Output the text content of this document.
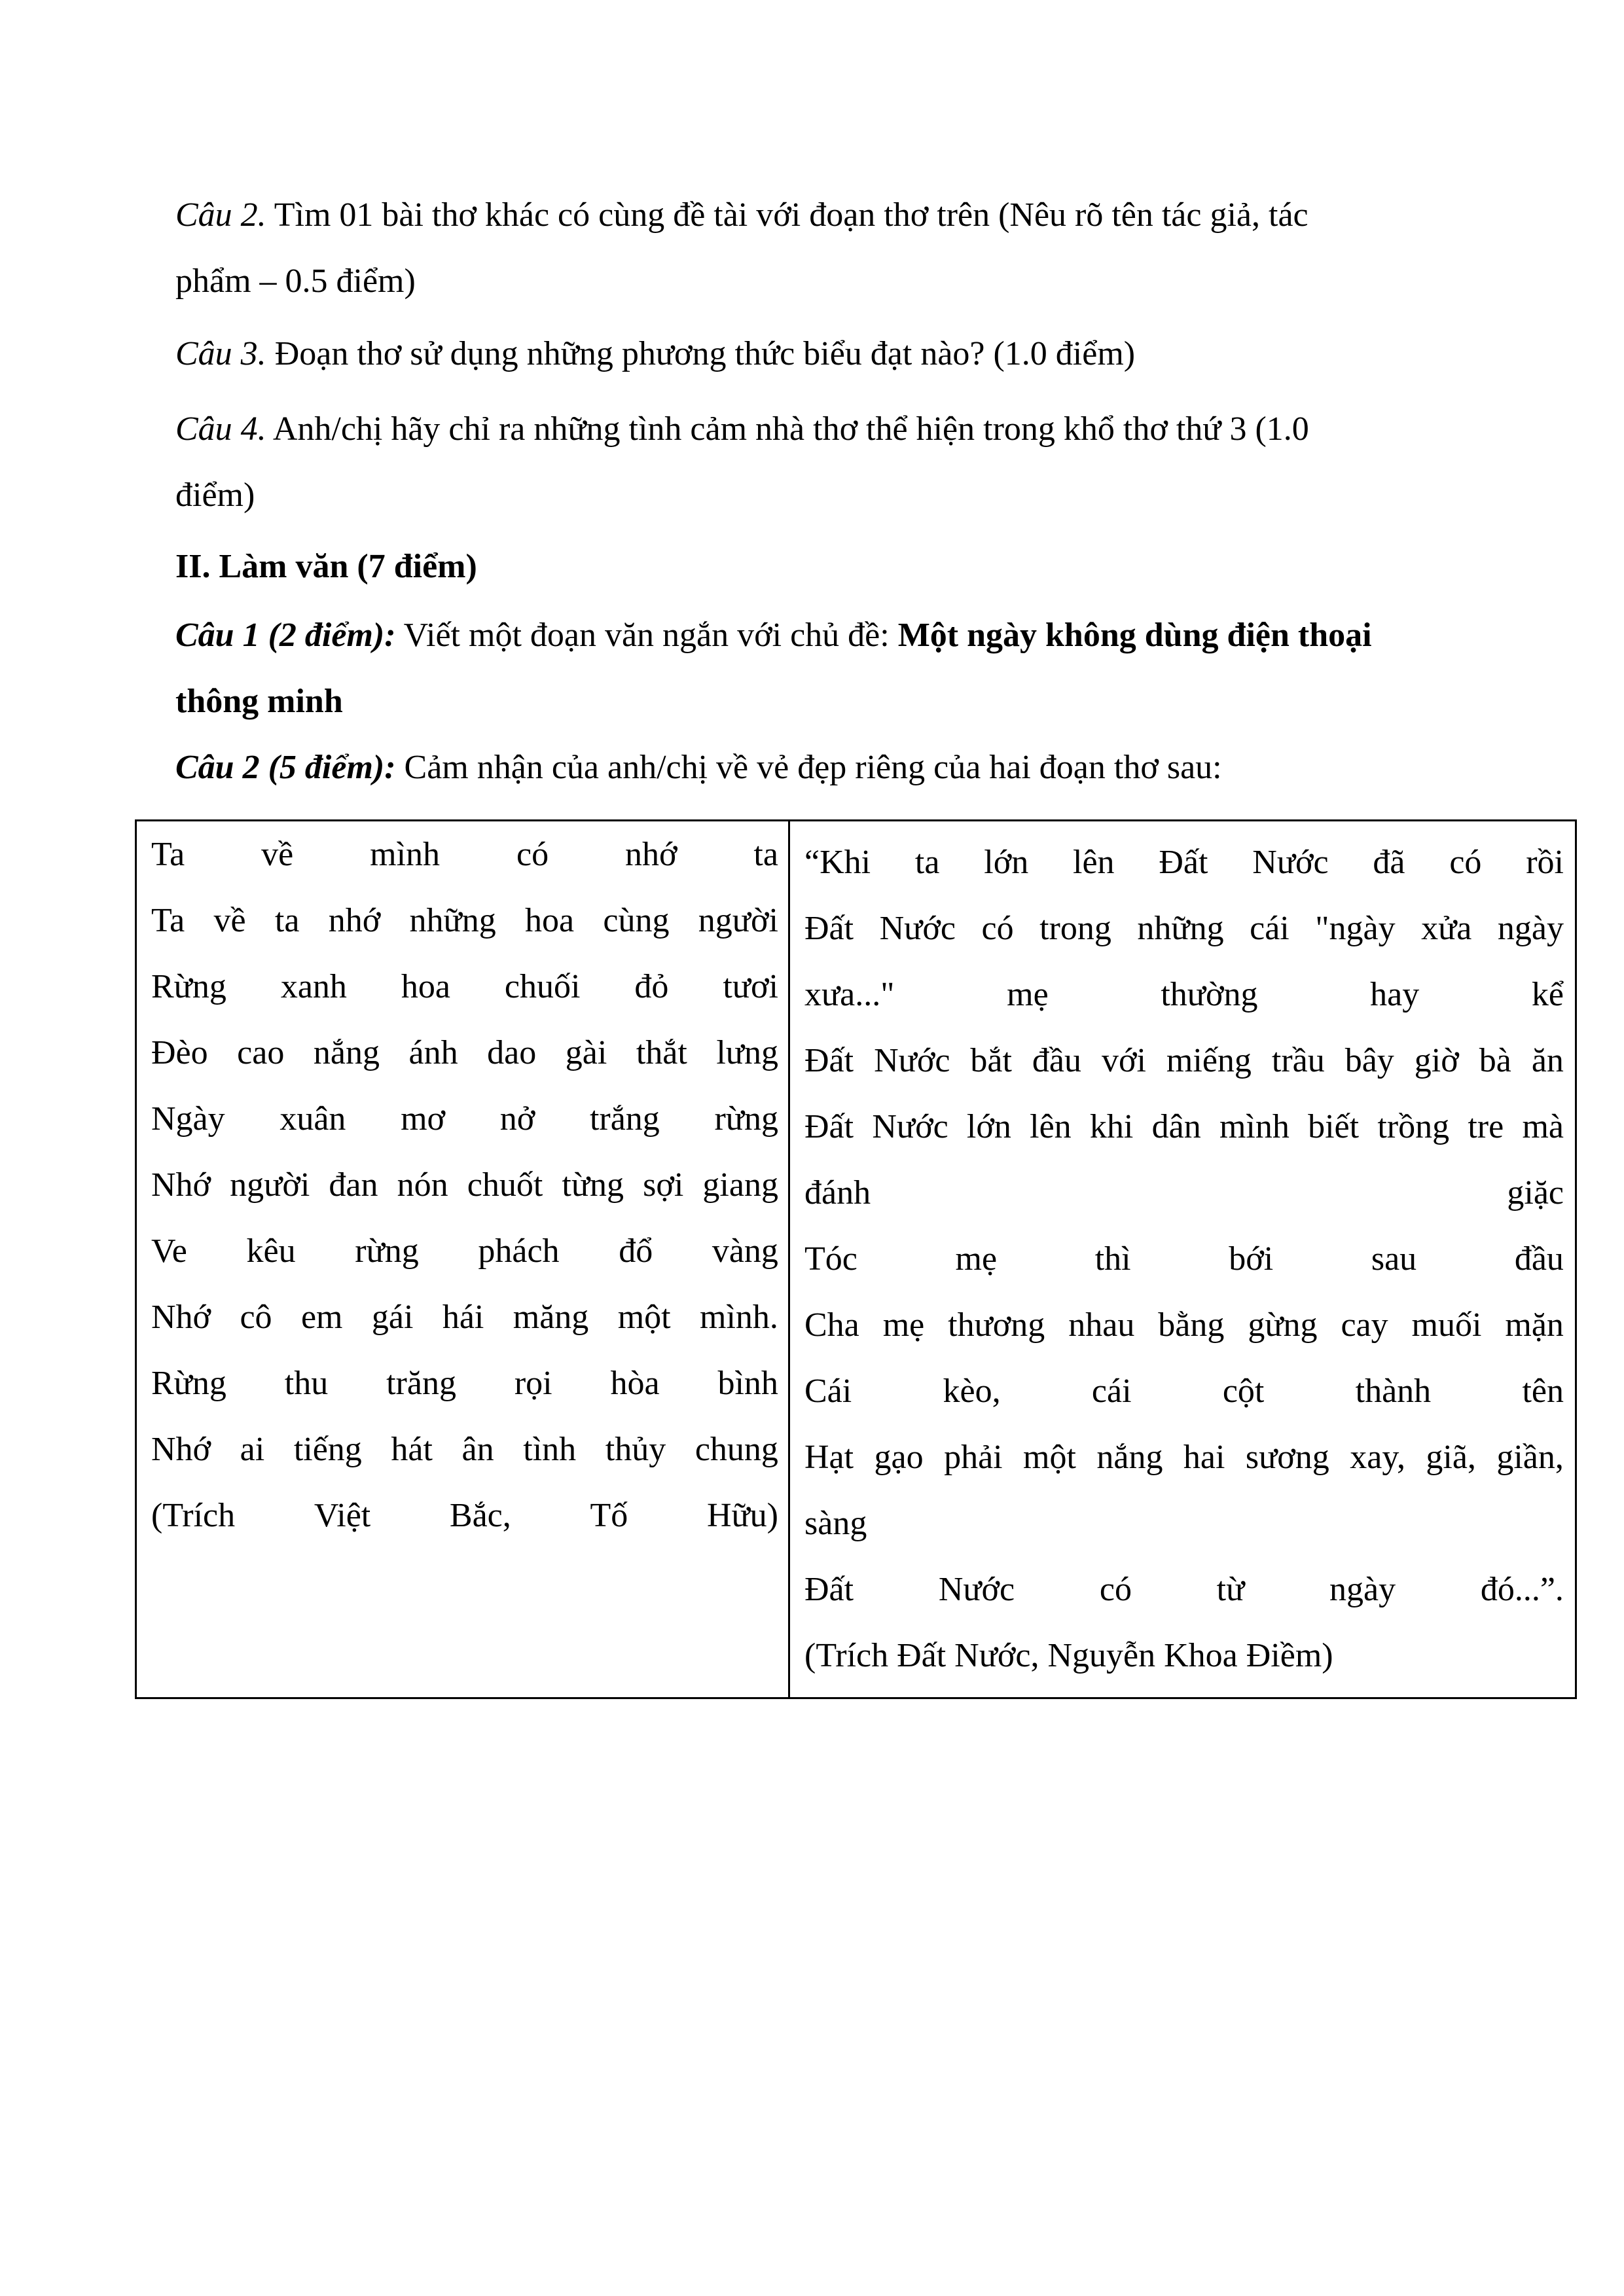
Câu 2. Tìm 01 bài thơ khác có cùng đề tài với đoạn thơ trên (Nêu rõ tên tác giả, tác

phẩm – 0.5 điểm)

Câu 3. Đoạn thơ sử dụng những phương thức biểu đạt nào? (1.0 điểm)

Câu 4. Anh/chị hãy chỉ ra những tình cảm nhà thơ thể hiện trong khổ thơ thứ 3 (1.0

điểm)

II. Làm văn (7 điểm)

Câu 1 (2 điểm): Viết một đoạn văn ngắn với chủ đề: Một ngày không dùng điện thoại

thông minh

Câu 2 (5 điểm): Cảm nhận của anh/chị về vẻ đẹp riêng của hai đoạn thơ sau:

Ta về mình có nhớ ta
Ta về ta nhớ những hoa cùng người
Rừng xanh hoa chuối đỏ tươi
Đèo cao nắng ánh dao gài thắt lưng
Ngày xuân mơ nở trắng rừng
Nhớ người đan nón chuốt từng sợi giang
Ve kêu rừng phách đổ vàng
Nhớ cô em gái hái măng một mình.
Rừng thu trăng rọi hòa bình
Nhớ ai tiếng hát ân tình thủy chung
(Trích Việt Bắc, Tố Hữu)
“Khi ta lớn lên Đất Nước đã có rồi
Đất Nước có trong những cái "ngày xửa ngày
xưa..."	mẹ	thường	hay	kể
Đất Nước bắt đầu với miếng trầu bây giờ bà ăn
Đất Nước lớn lên khi dân mình biết trồng tre mà
đánh	giặc
Tóc	mẹ	thì	bới	sau	đầu
Cha mẹ thương nhau bằng gừng cay muối mặn
Cái	kèo,	cái	cột	thành	tên
Hạt gạo phải một nắng hai sương xay, giã, giần,
sàng
Đất Nước có từ ngày đó...”.
(Trích Đất Nước, Nguyễn Khoa Điềm)
